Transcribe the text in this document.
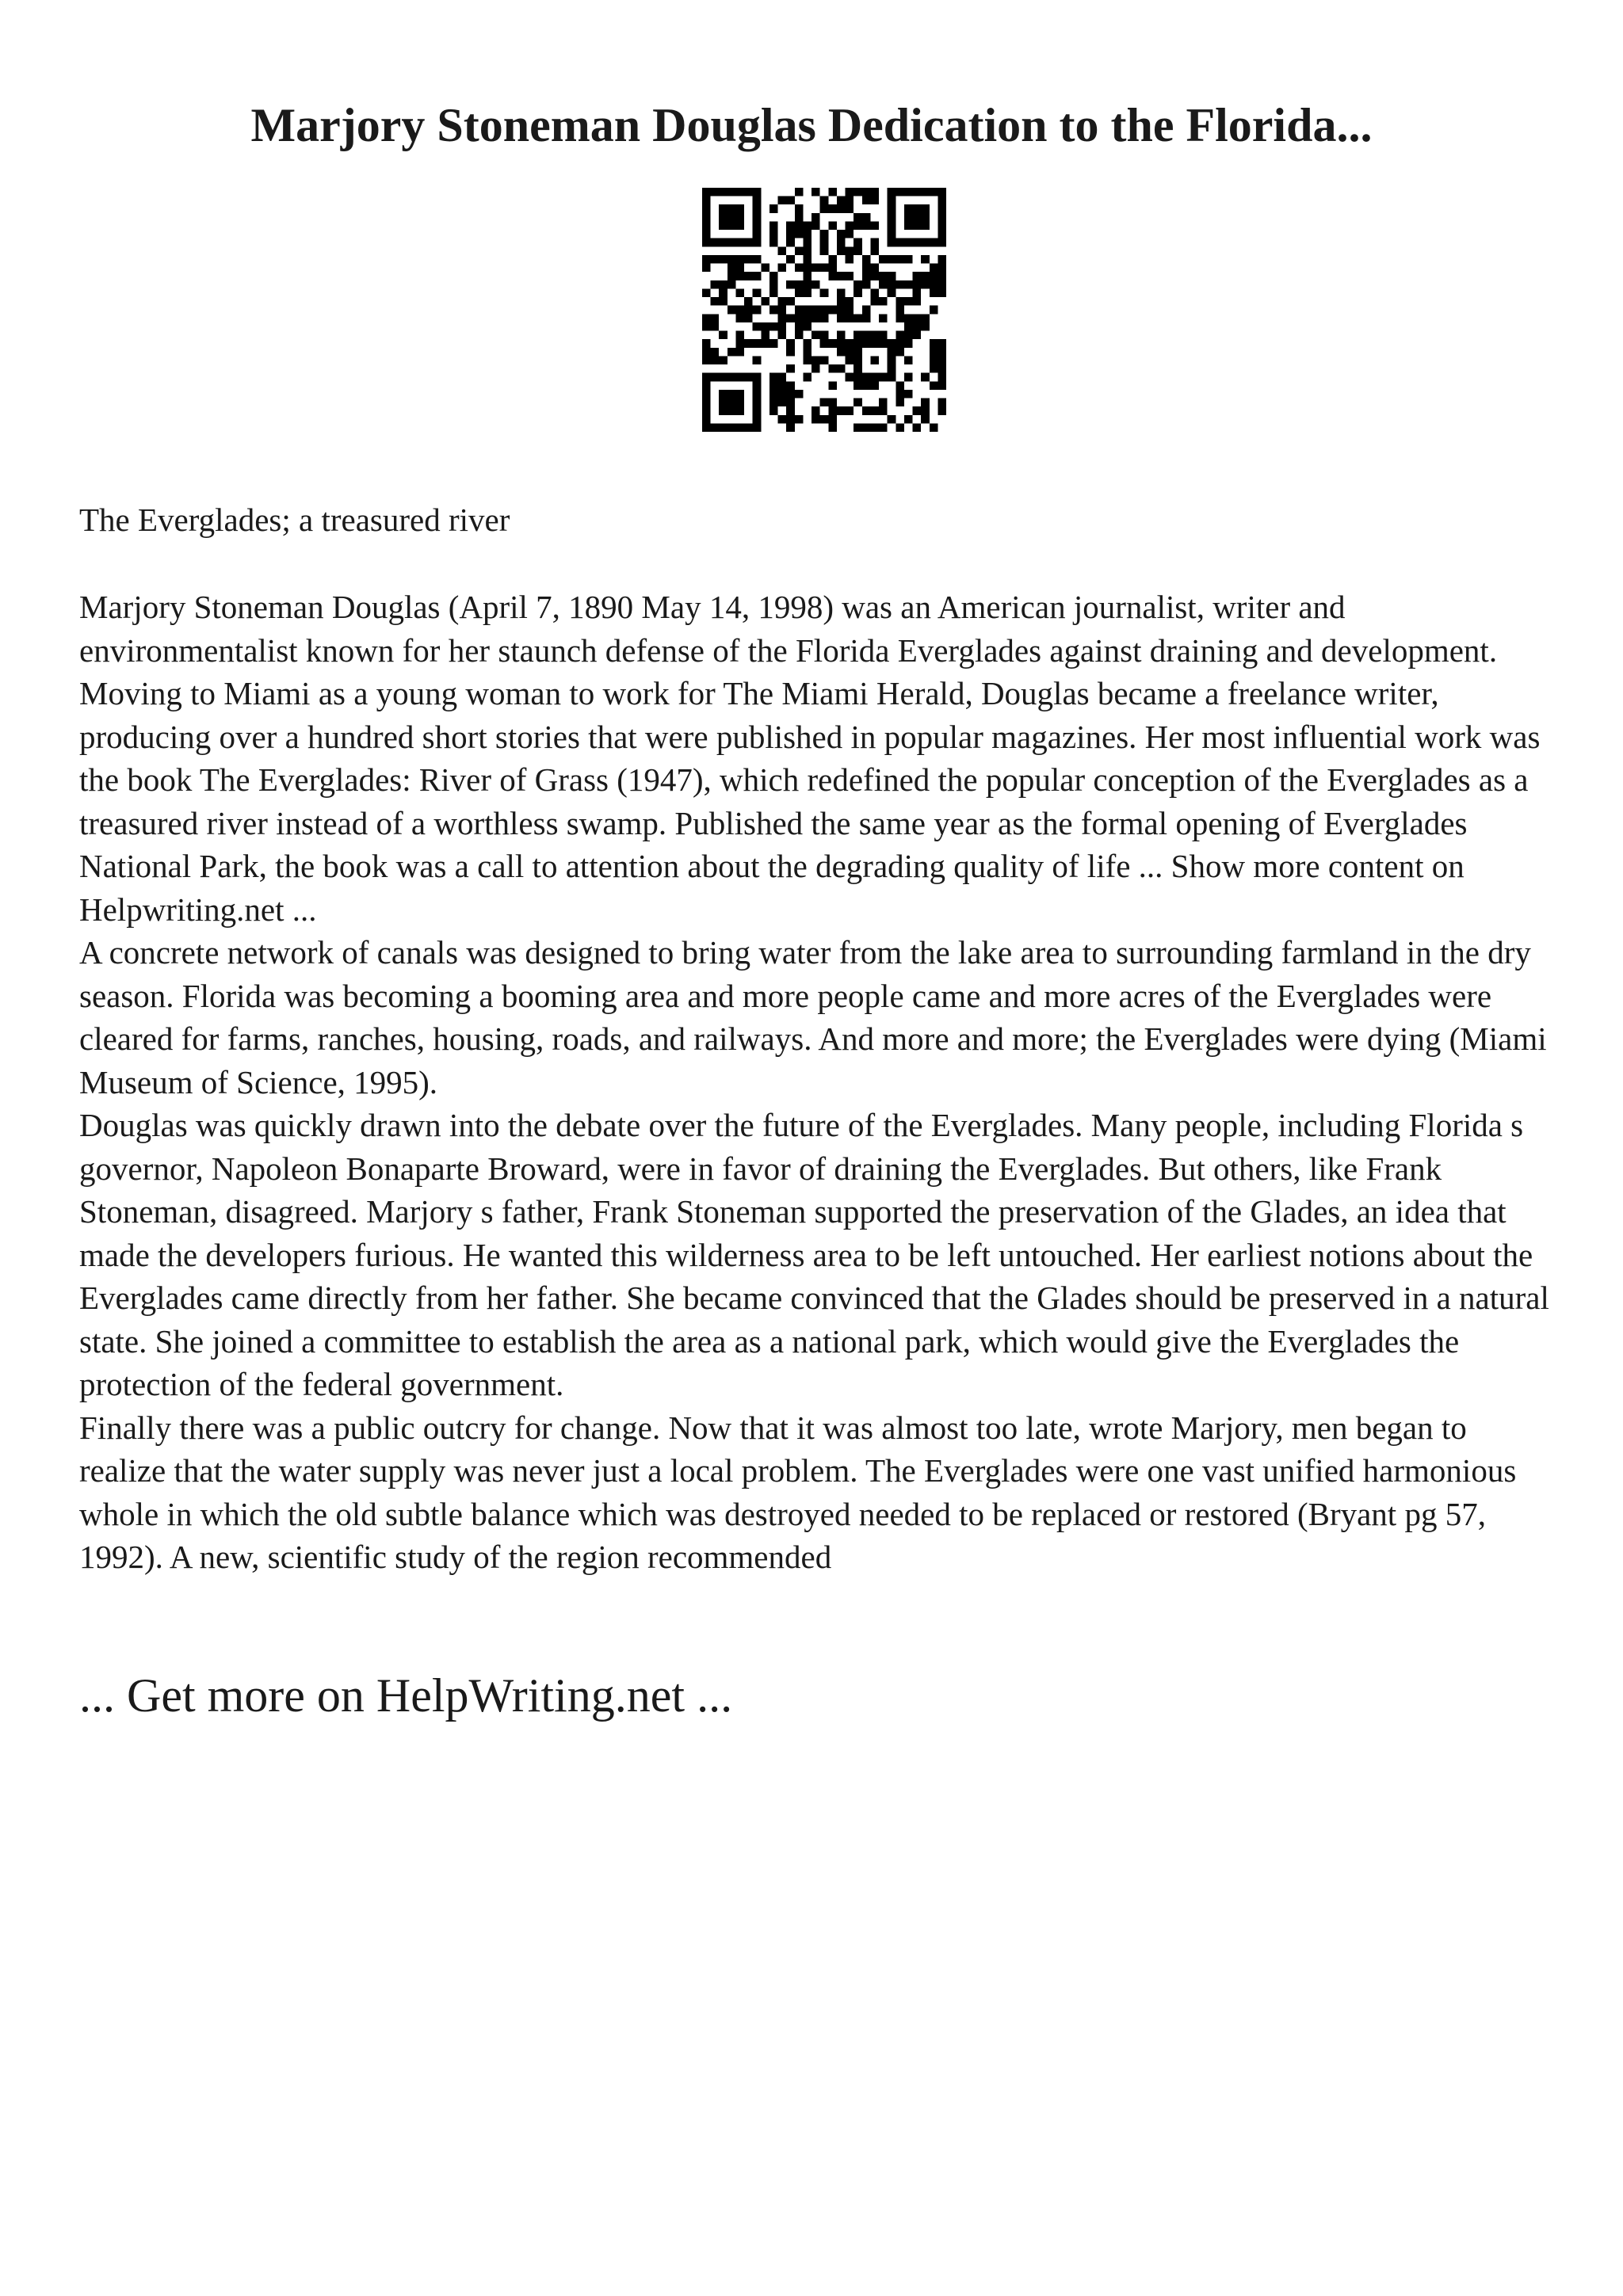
Marjory Stoneman Douglas Dedication to the Florida...
The Everglades; a treasured river

Marjory Stoneman Douglas (April 7, 1890 May 14, 1998) was an American journalist, writer and environmentalist known for her staunch defense of the Florida Everglades against draining and development. Moving to Miami as a young woman to work for The Miami Herald, Douglas became a freelance writer, producing over a hundred short stories that were published in popular magazines. Her most influential work was the book The Everglades: River of Grass (1947), which redefined the popular conception of the Everglades as a treasured river instead of a worthless swamp. Published the same year as the formal opening of Everglades National Park, the book was a call to attention about the degrading quality of life ... Show more content on Helpwriting.net ...

A concrete network of canals was designed to bring water from the lake area to surrounding farmland in the dry season. Florida was becoming a booming area and more people came and more acres of the Everglades were cleared for farms, ranches, housing, roads, and railways. And more and more; the Everglades were dying (Miami Museum of Science, 1995).

Douglas was quickly drawn into the debate over the future of the Everglades. Many people, including Florida s governor, Napoleon Bonaparte Broward, were in favor of draining the Everglades. But others, like Frank Stoneman, disagreed. Marjory s father, Frank Stoneman supported the preservation of the Glades, an idea that made the developers furious. He wanted this wilderness area to be left untouched. Her earliest notions about the Everglades came directly from her father. She became convinced that the Glades should be preserved in a natural state. She joined a committee to establish the area as a national park, which would give the Everglades the protection of the federal government.

Finally there was a public outcry for change. Now that it was almost too late, wrote Marjory, men began to realize that the water supply was never just a local problem. The Everglades were one vast unified harmonious whole in which the old subtle balance which was destroyed needed to be replaced or restored (Bryant pg 57, 1992). A new, scientific study of the region recommended

... Get more on HelpWriting.net ...
